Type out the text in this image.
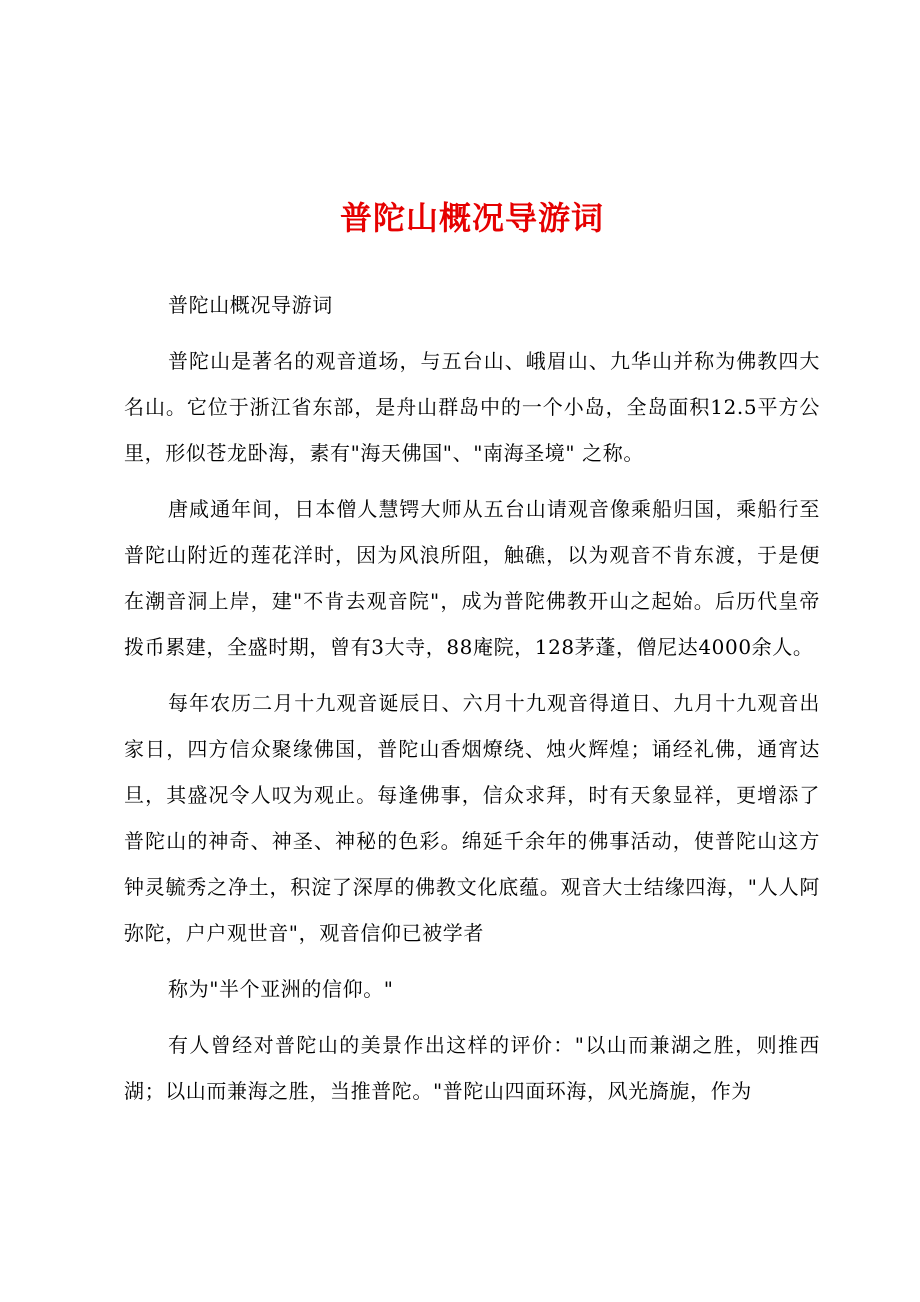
普陀山概况导游词

普陀山概况导游词

普陀山是著名的观音道场，与五台山、峨眉山、九华山并称为佛教四大名山。它位于浙江省东部，是舟山群岛中的一个小岛，全岛面积12.5平方公里，形似苍龙卧海，素有"海天佛国"、"南海圣境" 之称。

唐咸通年间，日本僧人慧锷大师从五台山请观音像乘船归国，乘船行至普陀山附近的莲花洋时，因为风浪所阻，触礁，以为观音不肯东渡，于是便在潮音洞上岸，建"不肯去观音院"，成为普陀佛教开山之起始。后历代皇帝拨币累建，全盛时期，曾有3大寺，88庵院，128茅蓬，僧尼达4000余人。

每年农历二月十九观音诞辰日、六月十九观音得道日、九月十九观音出家日，四方信众聚缘佛国，普陀山香烟燎绕、烛火辉煌；诵经礼佛，通宵达旦，其盛况令人叹为观止。每逢佛事，信众求拜，时有天象显祥，更增添了普陀山的神奇、神圣、神秘的色彩。绵延千余年的佛事活动，使普陀山这方钟灵毓秀之净土，积淀了深厚的佛教文化底蕴。观音大士结缘四海，"人人阿弥陀，户户观世音"，观音信仰已被学者

称为"半个亚洲的信仰。"

有人曾经对普陀山的美景作出这样的评价："以山而兼湖之胜，则推西湖；以山而兼海之胜，当推普陀。"普陀山四面环海，风光旖旎，作为
